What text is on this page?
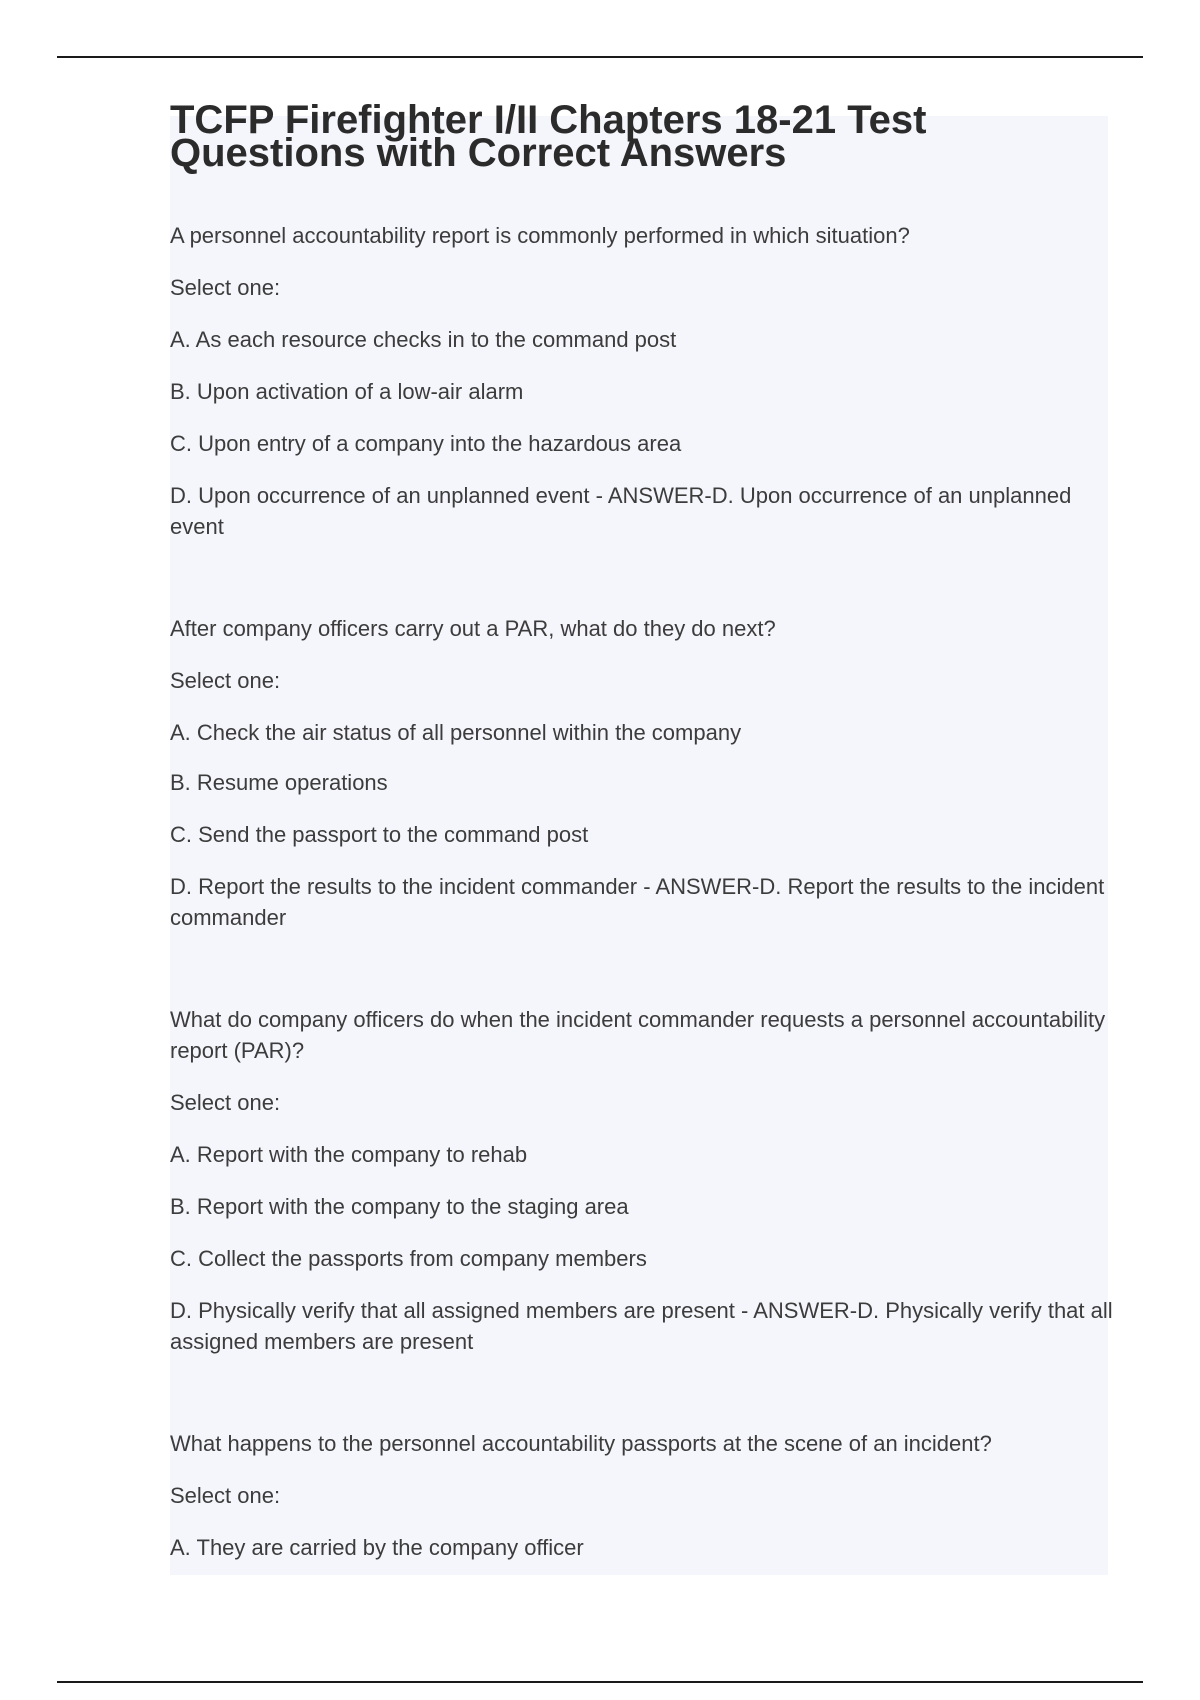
TCFP Firefighter I/II Chapters 18-21 Test Questions with Correct Answers

A personnel accountability report is commonly performed in which situation?

Select one:

A. As each resource checks in to the command post

B. Upon activation of a low-air alarm

C. Upon entry of a company into the hazardous area

D. Upon occurrence of an unplanned event - ANSWER-D. Upon occurrence of an unplanned event

After company officers carry out a PAR, what do they do next?

Select one:

A. Check the air status of all personnel within the company

B. Resume operations

C. Send the passport to the command post

D. Report the results to the incident commander - ANSWER-D. Report the results to the incident commander

What do company officers do when the incident commander requests a personnel accountability report (PAR)?

Select one:

A. Report with the company to rehab

B. Report with the company to the staging area

C. Collect the passports from company members

D. Physically verify that all assigned members are present - ANSWER-D. Physically verify that all assigned members are present

What happens to the personnel accountability passports at the scene of an incident?

Select one:

A. They are carried by the company officer
